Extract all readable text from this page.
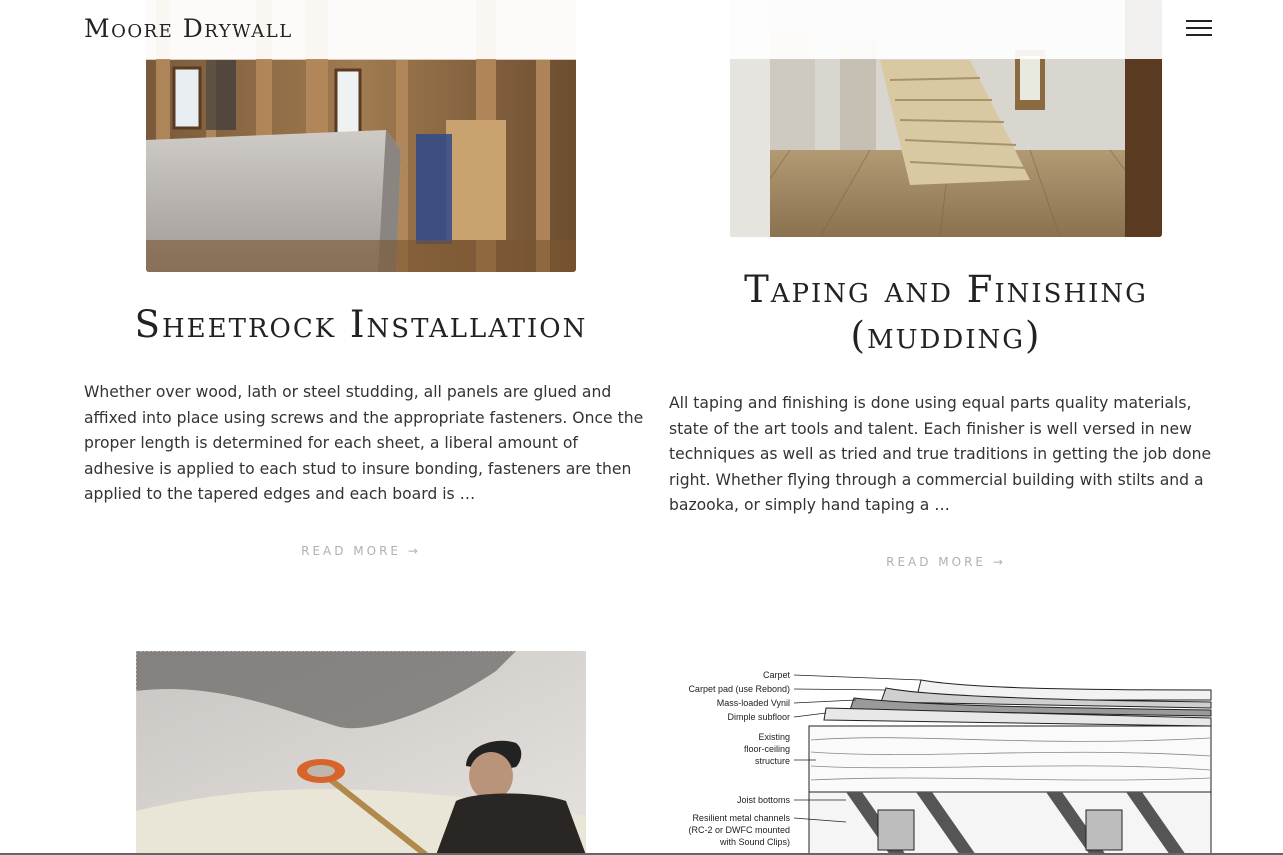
Moore Drywall
Sheetrock Installation

Whether over wood, lath or steel studding, all panels are glued and affixed into place using screws and the appropriate fasteners. Once the proper length is determined for each sheet, a liberal amount of adhesive is applied to each stud to insure bonding, fasteners are then applied to the tapered edges and each board is …

READ MORE →
Taping and Finishing (mudding)

All taping and finishing is done using equal parts quality materials, state of the art tools and talent. Each finisher is well versed in new techniques as well as tried and true traditions in getting the job done right. Whether flying through a commercial building with stilts and a bazooka, or simply hand taping a …

READ MORE →
Carpet
Carpet pad (use Rebond)
Mass-loaded Vynil
Dimple subfloor
Existing
floor-ceiling
structure
Joist bottoms
Resilient metal channels
(RC-2 or DWFC mounted
with Sound Clips)
